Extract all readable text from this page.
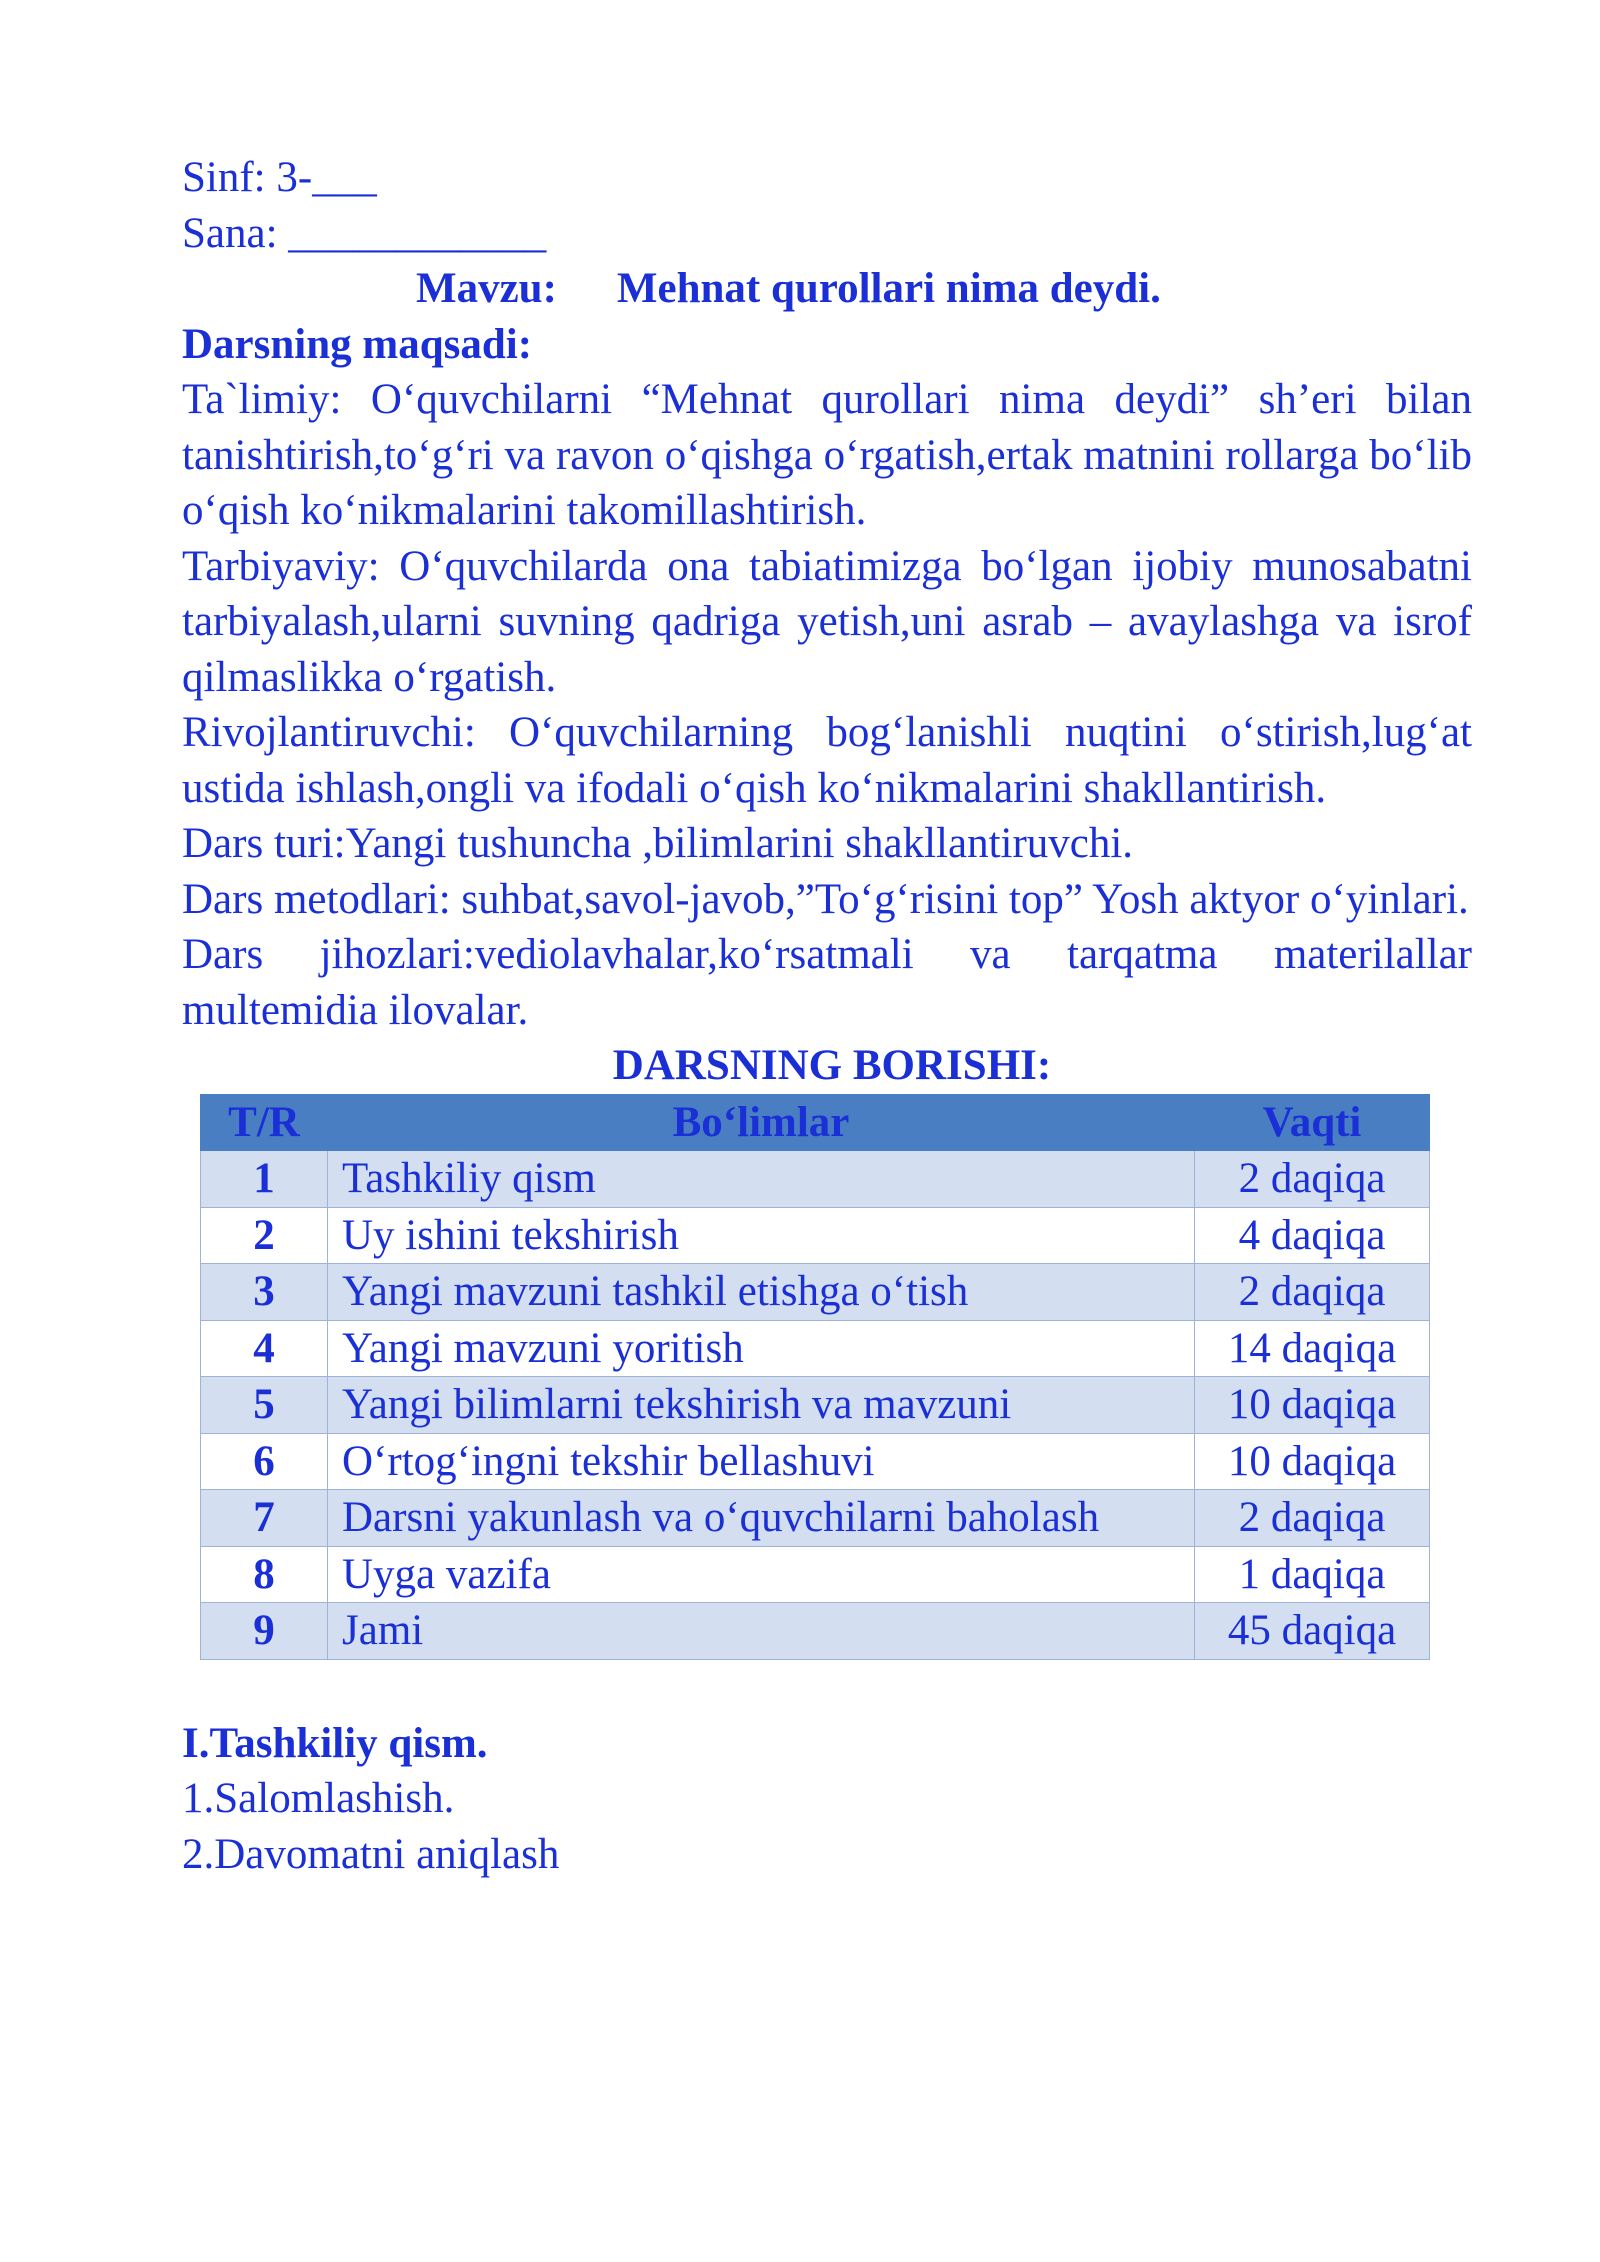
Sinf: 3-___
Sana: ____________
Mavzu: Mehnat qurollari nima deydi.
Darsning maqsadi:
Ta`limiy: O‘quvchilarni “Mehnat qurollari nima deydi” sh’eri bilan tanishtirish,to‘g‘ri va ravon o‘qishga o‘rgatish,ertak matnini rollarga bo‘lib o‘qish ko‘nikmalarini takomillashtirish.
Tarbiyaviy: O‘quvchilarda ona tabiatimizga bo‘lgan ijobiy munosabatni tarbiyalash,ularni suvning qadriga yetish,uni asrab – avaylashga va isrof qilmaslikka o‘rgatish.
Rivojlantiruvchi: O‘quvchilarning bog‘lanishli nuqtini o‘stirish,lug‘at ustida ishlash,ongli va ifodali o‘qish ko‘nikmalarini shakllantirish.
Dars turi:Yangi tushuncha ,bilimlarini shakllantiruvchi.
Dars metodlari: suhbat,savol-javob,”To‘g‘risini top” Yosh aktyor o‘yinlari.
Dars jihozlari:vediolavhalar,ko‘rsatmali va tarqatma materilallar multemidia ilovalar.
DARSNING BORISHI:
T/R	Bo‘limlar	Vaqti
1	Tashkiliy qism	2 daqiqa
2	Uy ishini tekshirish	4 daqiqa
3	Yangi mavzuni tashkil etishga o‘tish	2 daqiqa
4	Yangi mavzuni yoritish	14 daqiqa
5	Yangi bilimlarni tekshirish va mavzuni	10 daqiqa
6	O‘rtog‘ingni tekshir bellashuvi	10 daqiqa
7	Darsni yakunlash va o‘quvchilarni baholash	2 daqiqa
8	Uyga vazifa	1 daqiqa
9	Jami	45 daqiqa
I.Tashkiliy qism.
1.Salomlashish.
2.Davomatni aniqlash
